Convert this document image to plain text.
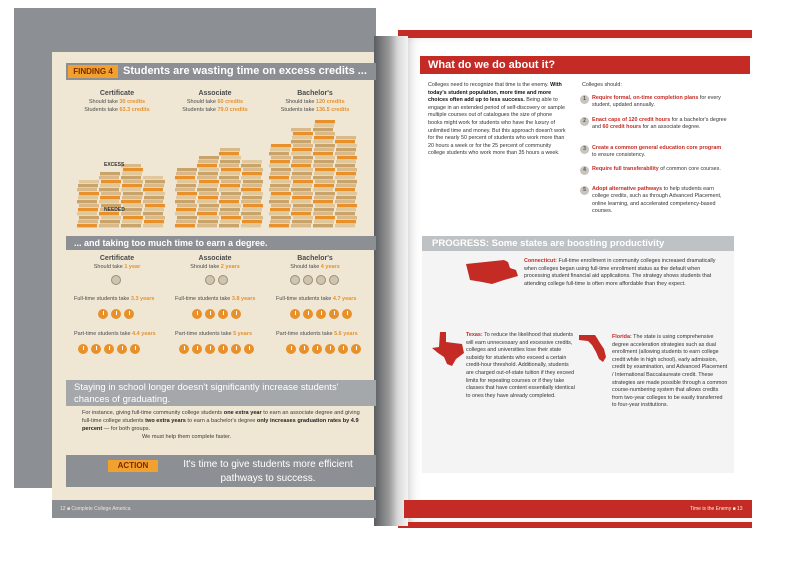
FINDING 4 Students are wasting time on excess credits ...
Certificate
Should take 30 credits
Students take 63.3 credits
Associate
Should take 60 credits
Students take 79.0 credits
Bachelor's
Should take 120 credits
Students take 136.5 credits
EXCESS
NEEDED
... and taking too much time to earn a degree.
Certificate
Should take 1 year
Associate
Should take 2 years
Bachelor's
Should take 4 years
Full-time students take 3.3 years	Full-time students take 3.8 years	Full-time students take 4.7 years
Part-time students take 4.4 years	Part-time students take 5 years	Part-time students take 5.6 years
Staying in school longer doesn't significantly increase students' chances of graduating.
For instance, giving full-time community college students one extra year to earn an associate degree and giving full-time college students two extra years to earn a bachelor's degree only increases graduation rates by 4.9 percent — for both groups.
We must help them complete faster.
ACTION	It's time to give students more efficient pathways to success.
12 ■ Complete College America
What do we do about it?
Colleges need to recognize that time is the enemy. With today's student population, more time and more choices often add up to less success. Being able to engage in an extended period of self-discovery or sample multiple courses out of catalogues the size of phone books might work for students who have the luxury of unlimited time and money. But this approach doesn't work for the nearly 50 percent of students who work more than 20 hours a week or for the 25 percent of community college students who work more than 35 hours a week.
Colleges should:
1	Require formal, on-time completion plans for every student, updated annually.
2	Enact caps of 120 credit hours for a bachelor's degree and 60 credit hours for an associate degree.
3	Create a common general education core program to ensure consistency.
4	Require full transferability of common core courses.
5	Adopt alternative pathways to help students earn college credits, such as through Advanced Placement, online learning, and accelerated competency-based courses.
PROGRESS: Some states are boosting productivity
Connecticut: Full-time enrollment in community colleges increased dramatically when colleges began using full-time enrollment status as the default when processing student financial aid applications. The strategy shows students that attending college full-time is often more affordable than they expect.
Texas: To reduce the likelihood that students will earn unnecessary and excessive credits, colleges and universities lose their state subsidy for students who exceed a certain credit-hour threshold. Additionally, students are charged out-of-state tuition if they exceed limits for repeating courses or if they take classes that have content essentially identical to ones they have already completed.
Florida: The state is using comprehensive degree acceleration strategies such as dual enrollment (allowing students to earn college credit while in high school), early admission, credit by examination, and Advanced Placement / International Baccalaureate credit. These strategies are made possible through a common course-numbering system that allows credits from two-year colleges to be easily transferred to four-year institutions.
Time is the Enemy ■ 13
